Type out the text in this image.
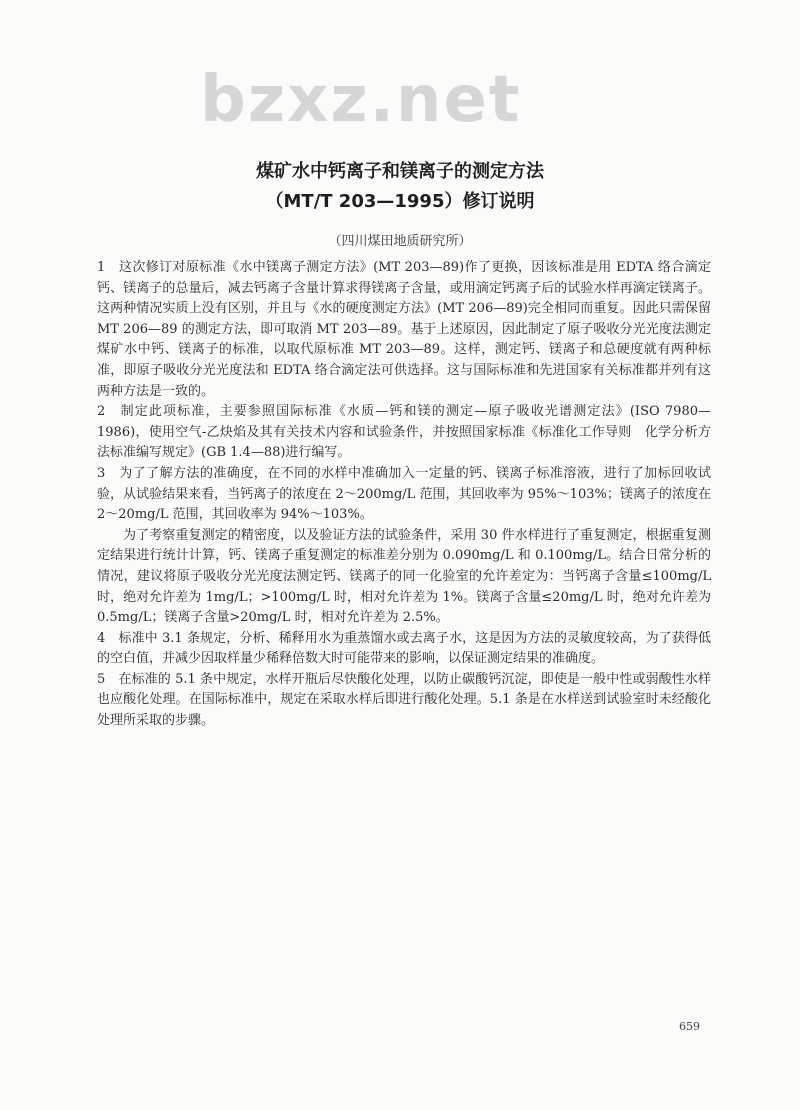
bzxz.net
煤矿水中钙离子和镁离子的测定方法
（MT/T 203—1995）修订说明
（四川煤田地质研究所）

1　这次修订对原标准《水中镁离子测定方法》(MT 203—89)作了更换，因该标准是用 EDTA 络合滴定钙、镁离子的总量后，减去钙离子含量计算求得镁离子含量，或用滴定钙离子后的试验水样再滴定镁离子。这两种情况实质上没有区别，并且与《水的硬度测定方法》(MT 206—89)完全相同而重复。因此只需保留 MT 206—89 的测定方法，即可取消 MT 203—89。基于上述原因，因此制定了原子吸收分光光度法测定煤矿水中钙、镁离子的标准，以取代原标准 MT 203—89。这样，测定钙、镁离子和总硬度就有两种标准，即原子吸收分光光度法和 EDTA 络合滴定法可供选择。这与国际标准和先进国家有关标准都并列有这两种方法是一致的。

2　制定此项标准，主要参照国际标准《水质—钙和镁的测定—原子吸收光谱测定法》(ISO 7980—1986)，使用空气-乙炔焰及其有关技术内容和试验条件，并按照国家标准《标准化工作导则　化学分析方法标准编写规定》(GB 1.4—88)进行编写。

3　为了了解方法的准确度，在不同的水样中准确加入一定量的钙、镁离子标准溶液，进行了加标回收试验，从试验结果来看，当钙离子的浓度在 2～200mg/L 范围，其回收率为 95%～103%；镁离子的浓度在 2～20mg/L 范围，其回收率为 94%～103%。

为了考察重复测定的精密度，以及验证方法的试验条件，采用 30 件水样进行了重复测定，根据重复测定结果进行统计计算，钙、镁离子重复测定的标准差分别为 0.090mg/L 和 0.100mg/L。结合日常分析的情况，建议将原子吸收分光光度法测定钙、镁离子的同一化验室的允许差定为：当钙离子含量≤100mg/L 时，绝对允许差为 1mg/L；>100mg/L 时，相对允许差为 1%。镁离子含量≤20mg/L 时，绝对允许差为 0.5mg/L；镁离子含量>20mg/L 时，相对允许差为 2.5%。

4　标准中 3.1 条规定，分析、稀释用水为重蒸馏水或去离子水，这是因为方法的灵敏度较高，为了获得低的空白值，并减少因取样量少稀释倍数大时可能带来的影响，以保证测定结果的准确度。

5　在标准的 5.1 条中规定，水样开瓶后尽快酸化处理，以防止碳酸钙沉淀，即使是一般中性或弱酸性水样也应酸化处理。在国际标准中，规定在采取水样后即进行酸化处理。5.1 条是在水样送到试验室时未经酸化处理所采取的步骤。

659
